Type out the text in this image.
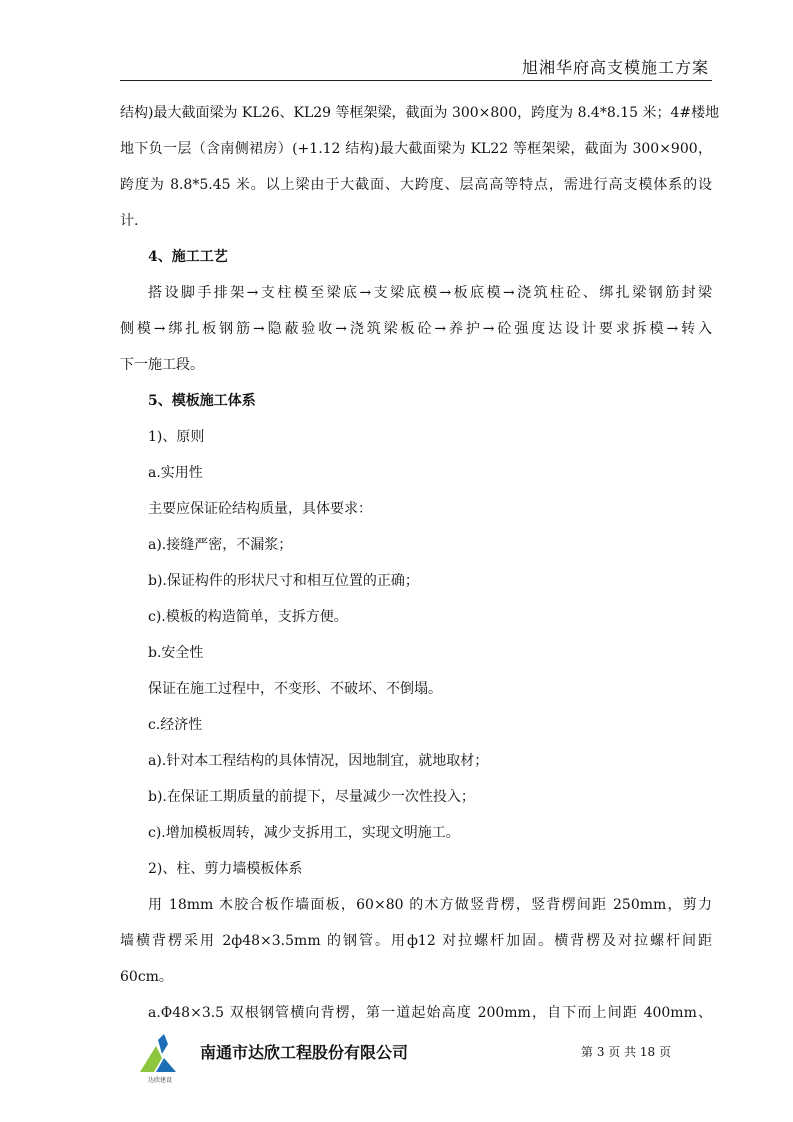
旭湘华府高支模施工方案
结构)最大截面梁为 KL26、KL29 等框架梁，截面为 300×800，跨度为 8.4*8.15 米；4#楼地
地下负一层（含南侧裙房）(+1.12 结构)最大截面梁为 KL22 等框架梁，截面为 300×900，
跨度为 8.8*5.45 米。以上梁由于大截面、大跨度、层高高等特点，需进行高支模体系的设
计.
4、施工工艺
搭设脚手排架→支柱模至梁底→支梁底模→板底模→浇筑柱砼、绑扎梁钢筋封梁
侧模→绑扎板钢筋→隐蔽验收→浇筑梁板砼→养护→砼强度达设计要求拆模→转入
下一施工段。
5、模板施工体系
1)、原则
a.实用性
主要应保证砼结构质量，具体要求：
a).接缝严密，不漏浆；
b).保证构件的形状尺寸和相互位置的正确；
c).模板的构造简单，支拆方便。
b.安全性
保证在施工过程中，不变形、不破坏、不倒塌。
c.经济性
a).针对本工程结构的具体情况，因地制宜，就地取材；
b).在保证工期质量的前提下，尽量减少一次性投入；
c).增加模板周转，减少支拆用工，实现文明施工。
2)、柱、剪力墙模板体系
用 18mm 木胶合板作墙面板，60×80 的木方做竖背楞，竖背楞间距 250mm，剪力
墙横背楞采用 2ф48×3.5mm 的钢管。用ф12 对拉螺杆加固。横背楞及对拉螺杆间距
60cm。
a.Φ48×3.5 双根钢管横向背楞，第一道起始高度 200mm，自下而上间距 400mm、
达欣建设
南通市达欣工程股份有限公司	第 3 页 共 18 页
